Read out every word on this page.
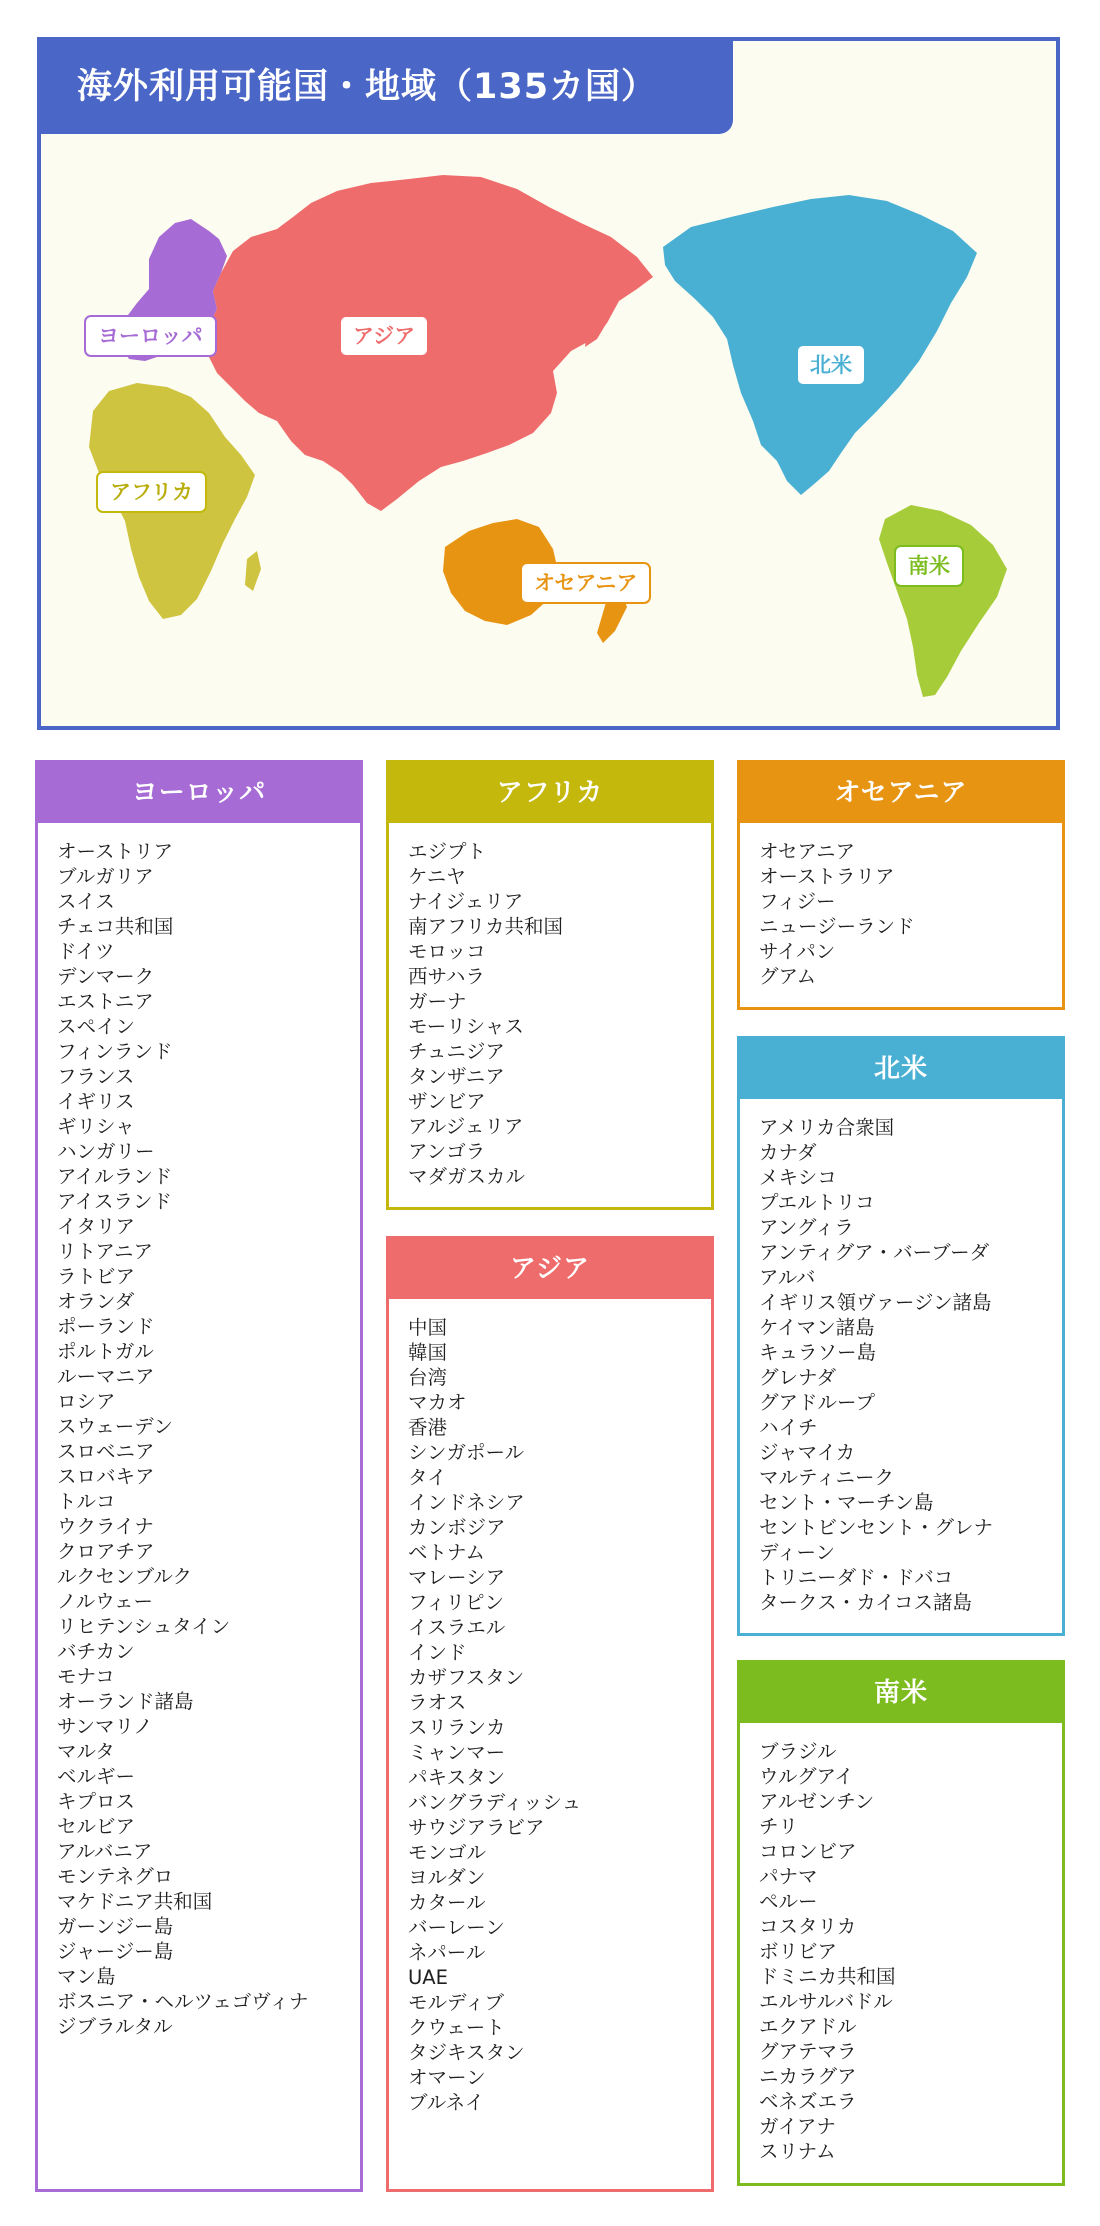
海外利用可能国・地域（135カ国）
ヨーロッパ	アジア
アフリカ
オセアニア
北米
南米
ヨーロッパ
オーストリア
ブルガリア
スイス
チェコ共和国
ドイツ
デンマーク
エストニア
スペイン
フィンランド
フランス
イギリス
ギリシャ
ハンガリー
アイルランド
アイスランド
イタリア
リトアニア
ラトビア
オランダ
ポーランド
ポルトガル
ルーマニア
ロシア
スウェーデン
スロベニア
スロバキア
トルコ
ウクライナ
クロアチア
ルクセンブルク
ノルウェー
リヒテンシュタイン
バチカン
モナコ
オーランド諸島
サンマリノ
マルタ
ベルギー
キプロス
セルビア
アルバニア
モンテネグロ
マケドニア共和国
ガーンジー島
ジャージー島
マン島
ボスニア・ヘルツェゴヴィナ
ジブラルタル
アフリカ
エジプト
ケニヤ
ナイジェリア
南アフリカ共和国
モロッコ
西サハラ
ガーナ
モーリシャス
チュニジア
タンザニア
ザンビア
アルジェリア
アンゴラ
マダガスカル
アジア
中国
韓国
台湾
マカオ
香港
シンガポール
タイ
インドネシア
カンボジア
ベトナム
マレーシア
フィリピン
イスラエル
インド
カザフスタン
ラオス
スリランカ
ミャンマー
パキスタン
バングラディッシュ
サウジアラビア
モンゴル
ヨルダン
カタール
バーレーン
ネパール
UAE
モルディブ
クウェート
タジキスタン
オマーン
ブルネイ
オセアニア
オセアニア
オーストラリア
フィジー
ニュージーランド
サイパン
グアム
北米
アメリカ合衆国
カナダ
メキシコ
プエルトリコ
アングィラ
アンティグア・バーブーダ
アルバ
イギリス領ヴァージン諸島
ケイマン諸島
キュラソー島
グレナダ
グアドループ
ハイチ
ジャマイカ
マルティニーク
セント・マーチン島
セントビンセント・グレナ
ディーン
トリニーダド・ドバコ
タークス・カイコス諸島
南米
ブラジル
ウルグアイ
アルゼンチン
チリ
コロンビア
パナマ
ペルー
コスタリカ
ボリビア
ドミニカ共和国
エルサルバドル
エクアドル
グアテマラ
ニカラグア
ベネズエラ
ガイアナ
スリナム
